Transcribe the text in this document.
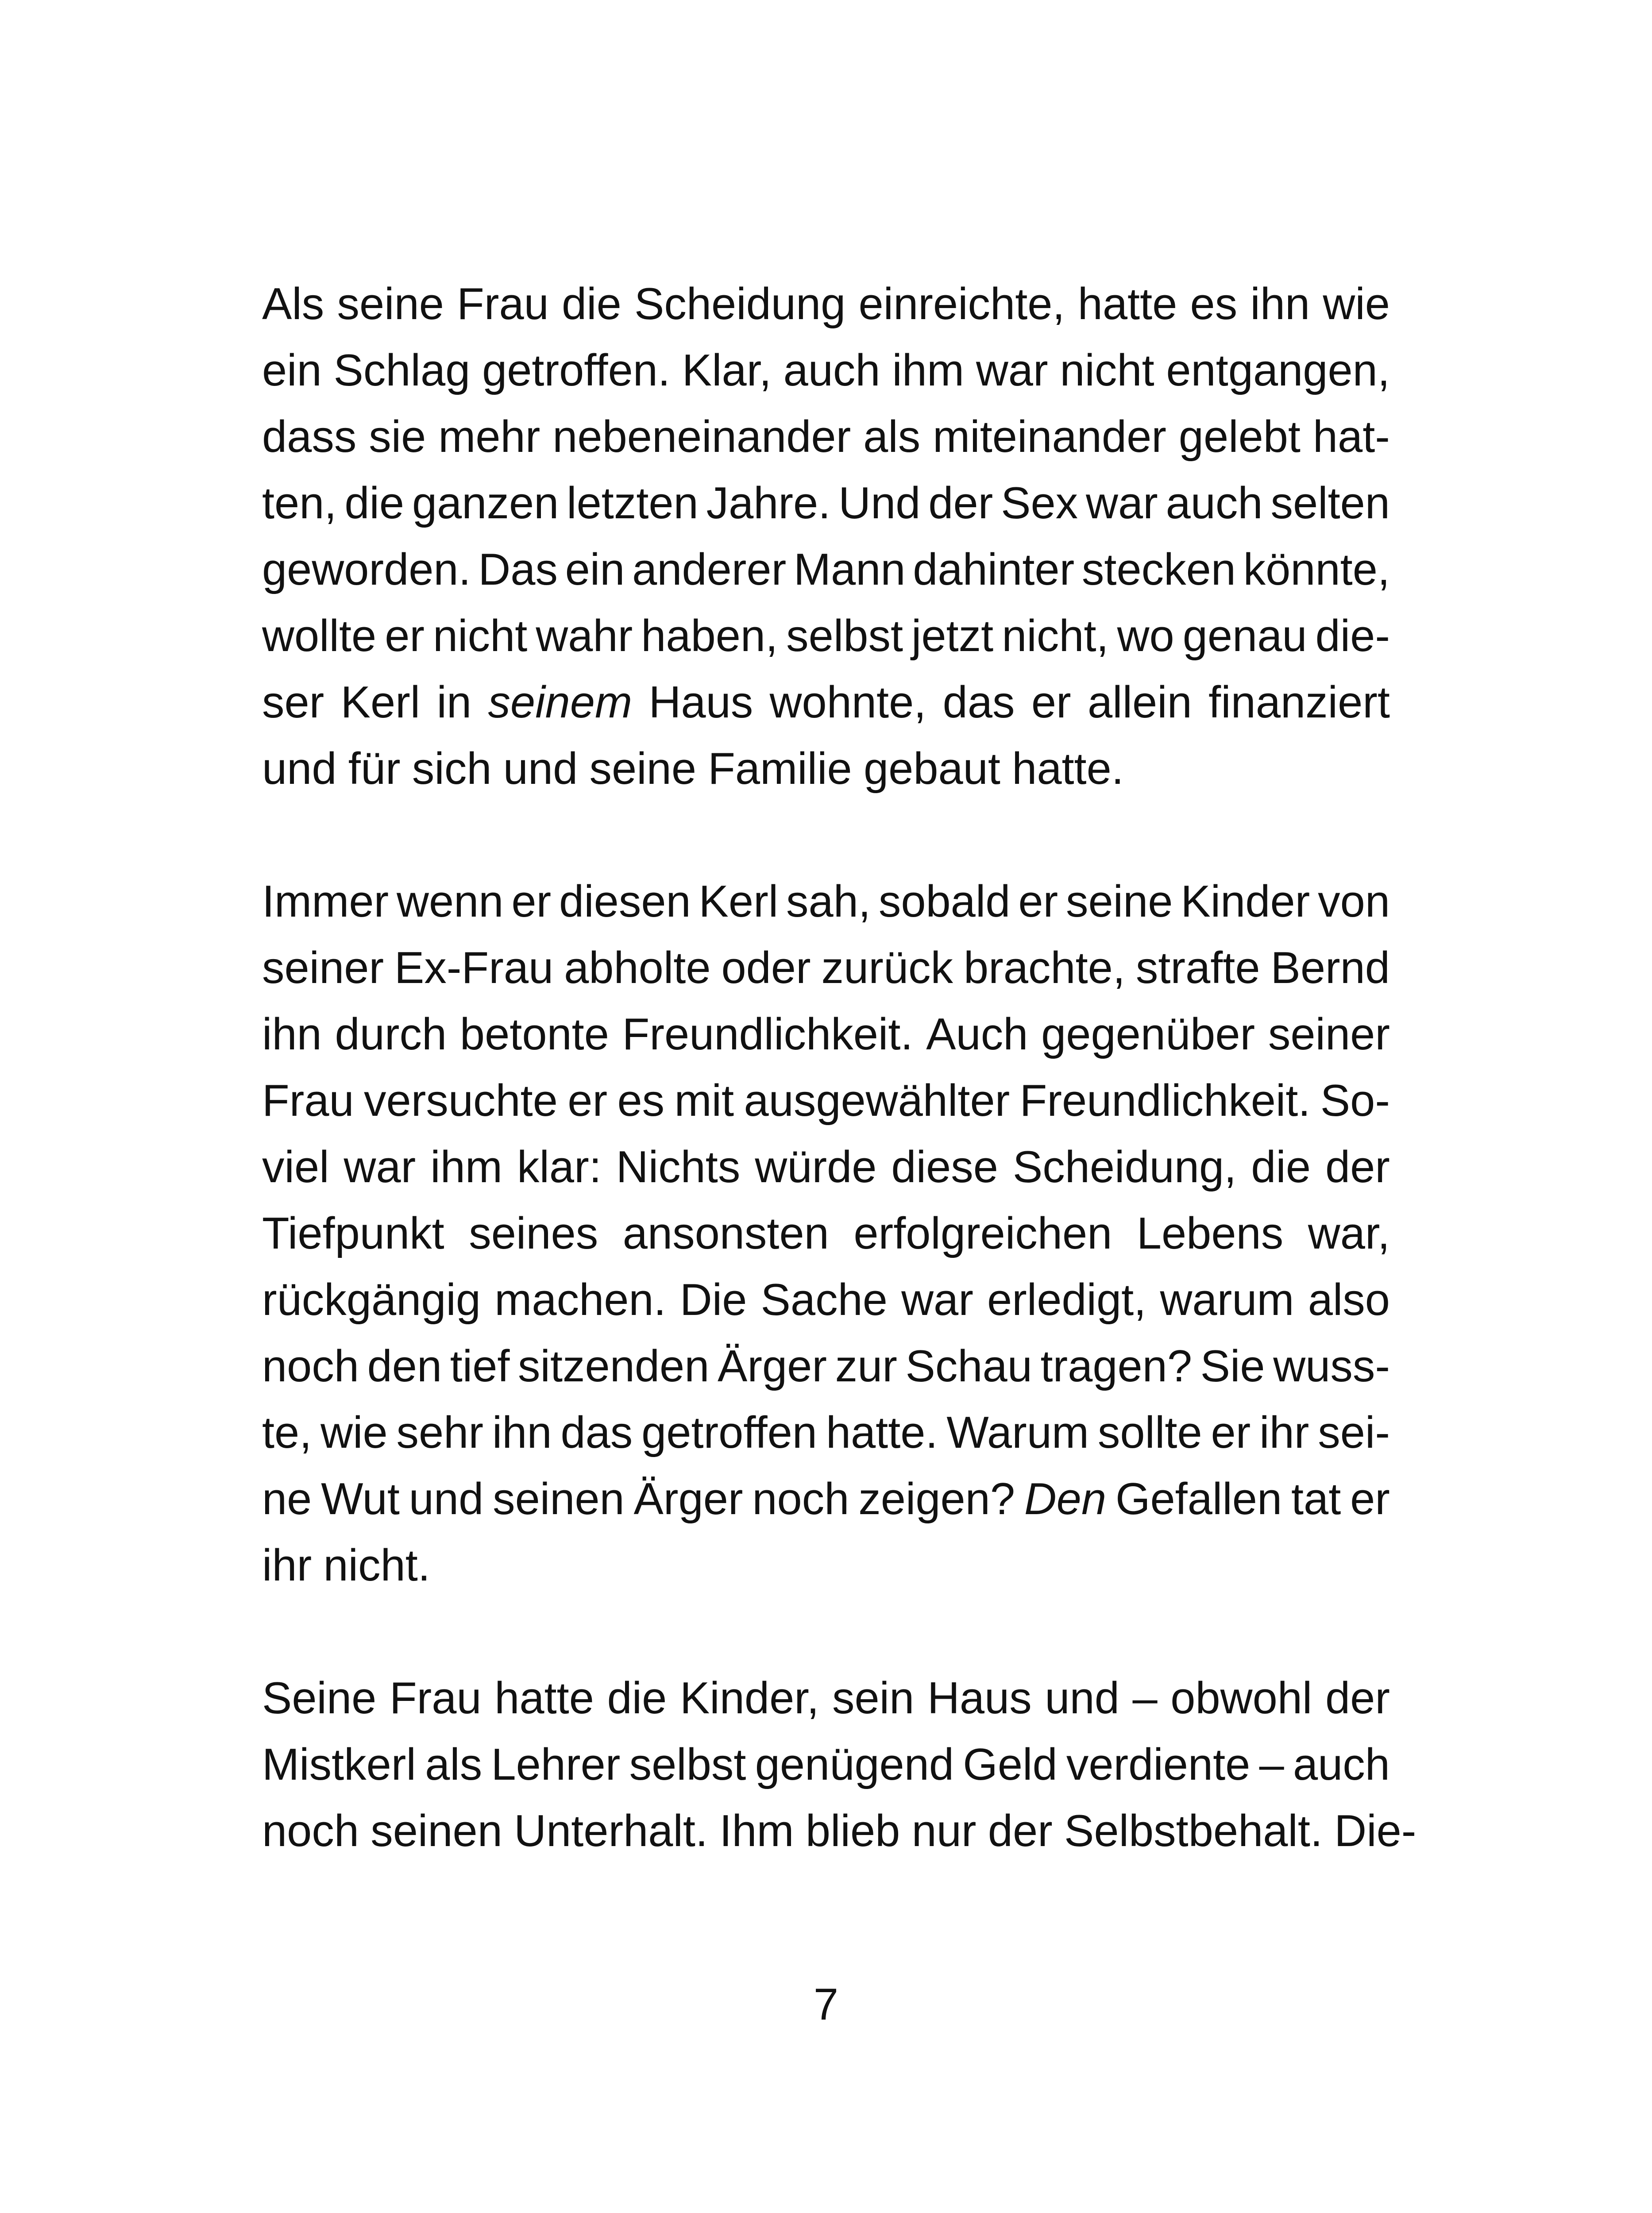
Als seine Frau die Scheidung einreichte, hatte es ihn wie
ein Schlag getroffen. Klar, auch ihm war nicht entgangen,
dass sie mehr nebeneinander als miteinander gelebt hat-
ten, die ganzen letzten Jahre. Und der Sex war auch selten
geworden. Das ein anderer Mann dahinter stecken könnte,
wollte er nicht wahr haben, selbst jetzt nicht, wo genau die-
ser Kerl in seinem Haus wohnte, das er allein finanziert
und für sich und seine Familie gebaut hatte.
Immer wenn er diesen Kerl sah, sobald er seine Kinder von
seiner Ex-Frau abholte oder zurück brachte, strafte Bernd
ihn durch betonte Freundlichkeit. Auch gegenüber seiner
Frau versuchte er es mit ausgewählter Freundlichkeit. So-
viel war ihm klar: Nichts würde diese Scheidung, die der
Tiefpunkt seines ansonsten erfolgreichen Lebens war,
rückgängig machen. Die Sache war erledigt, warum also
noch den tief sitzenden Ärger zur Schau tragen? Sie wuss-
te, wie sehr ihn das getroffen hatte. Warum sollte er ihr sei-
ne Wut und seinen Ärger noch zeigen? Den Gefallen tat er
ihr nicht.
Seine Frau hatte die Kinder, sein Haus und – obwohl der
Mistkerl als Lehrer selbst genügend Geld verdiente – auch
noch seinen Unterhalt. Ihm blieb nur der Selbstbehalt. Die-
7
